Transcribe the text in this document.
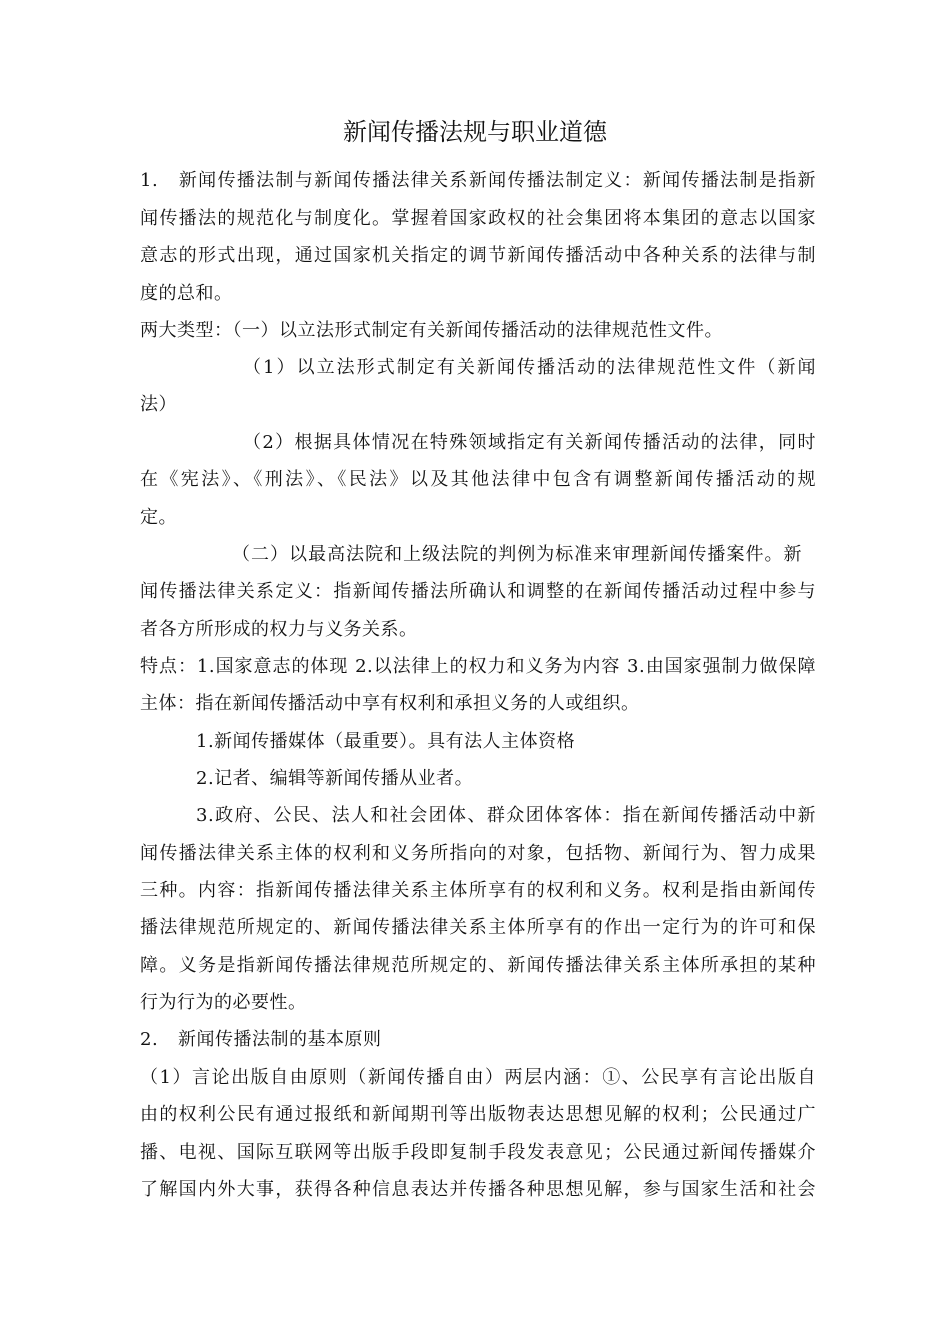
新闻传播法规与职业道德
1. 新闻传播法制与新闻传播法律关系新闻传播法制定义：新闻传播法制是指新
闻传播法的规范化与制度化。掌握着国家政权的社会集团将本集团的意志以国家
意志的形式出现，通过国家机关指定的调节新闻传播活动中各种关系的法律与制
度的总和。
两大类型：（一）以立法形式制定有关新闻传播活动的法律规范性文件。
（1）以立法形式制定有关新闻传播活动的法律规范性文件（新闻
法）
（2）根据具体情况在特殊领域指定有关新闻传播活动的法律，同时
在《宪法》、《刑法》、《民法》以及其他法律中包含有调整新闻传播活动的规
定。
（二）以最高法院和上级法院的判例为标准来审理新闻传播案件。新
闻传播法律关系定义：指新闻传播法所确认和调整的在新闻传播活动过程中参与
者各方所形成的权力与义务关系。
特点：1.国家意志的体现 2.以法律上的权力和义务为内容 3.由国家强制力做保障
主体：指在新闻传播活动中享有权利和承担义务的人或组织。
1.新闻传播媒体（最重要）。具有法人主体资格
2.记者、编辑等新闻传播从业者。
3.政府、公民、法人和社会团体、群众团体客体：指在新闻传播活动中新
闻传播法律关系主体的权利和义务所指向的对象，包括物、新闻行为、智力成果
三种。内容：指新闻传播法律关系主体所享有的权利和义务。权利是指由新闻传
播法律规范所规定的、新闻传播法律关系主体所享有的作出一定行为的许可和保
障。义务是指新闻传播法律规范所规定的、新闻传播法律关系主体所承担的某种
行为行为的必要性。
2. 新闻传播法制的基本原则
（1）言论出版自由原则（新闻传播自由）两层内涵：①、公民享有言论出版自
由的权利公民有通过报纸和新闻期刊等出版物表达思想见解的权利；公民通过广
播、电视、国际互联网等出版手段即复制手段发表意见；公民通过新闻传播媒介
了解国内外大事，获得各种信息表达并传播各种思想见解，参与国家生活和社会
